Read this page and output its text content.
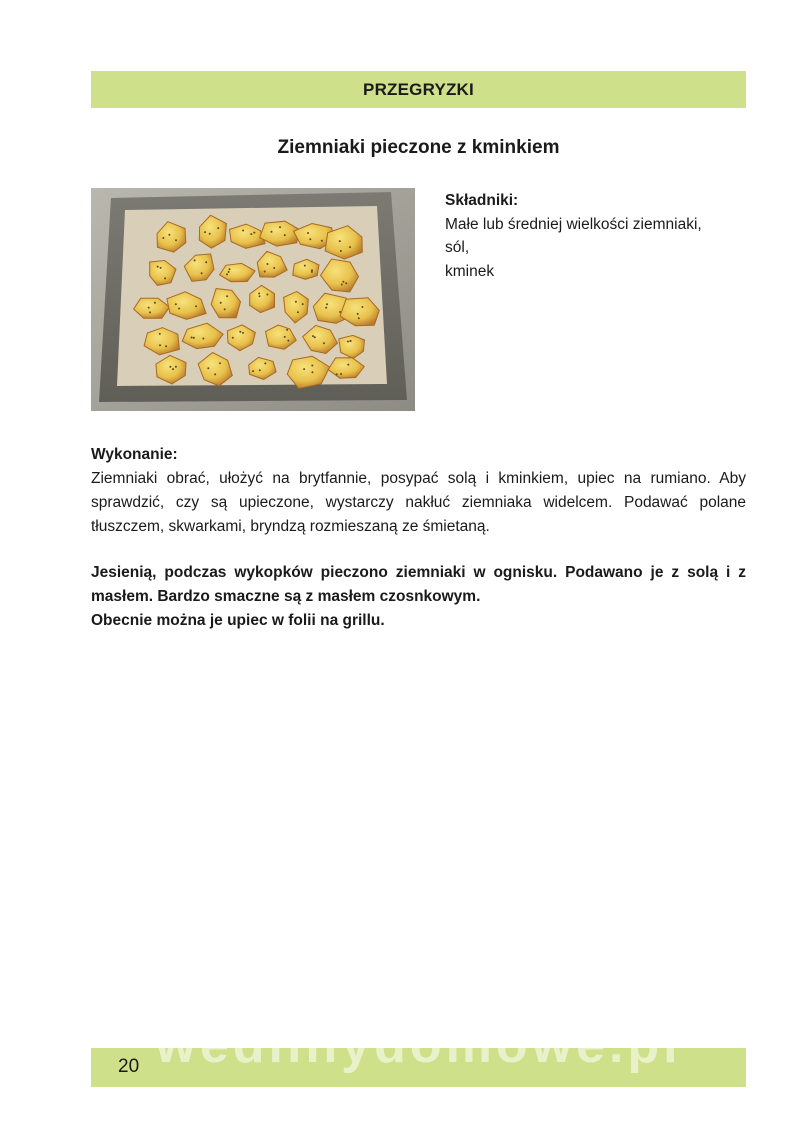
PRZEGRYZKI
Ziemniaki pieczone z kminkiem
Składniki:
Małe lub średniej wielkości ziemniaki,
sól,
kminek
Wykonanie:

Ziemniaki obrać, ułożyć na brytfannie, posypać solą i kminkiem, upiec na rumiano. Aby sprawdzić, czy są upieczone, wystarczy nakłuć ziemniaka widelcem. Podawać polane tłuszczem, skwarkami, bryndzą rozmieszaną ze śmietaną.

Jesienią, podczas wykopków pieczono ziemniaki w ognisku. Podawano je z solą i z masłem. Bardzo smaczne są z masłem czosnkowym.

Obecnie można je upiec w folii na grillu.

wedlinydomowe.pl
20
